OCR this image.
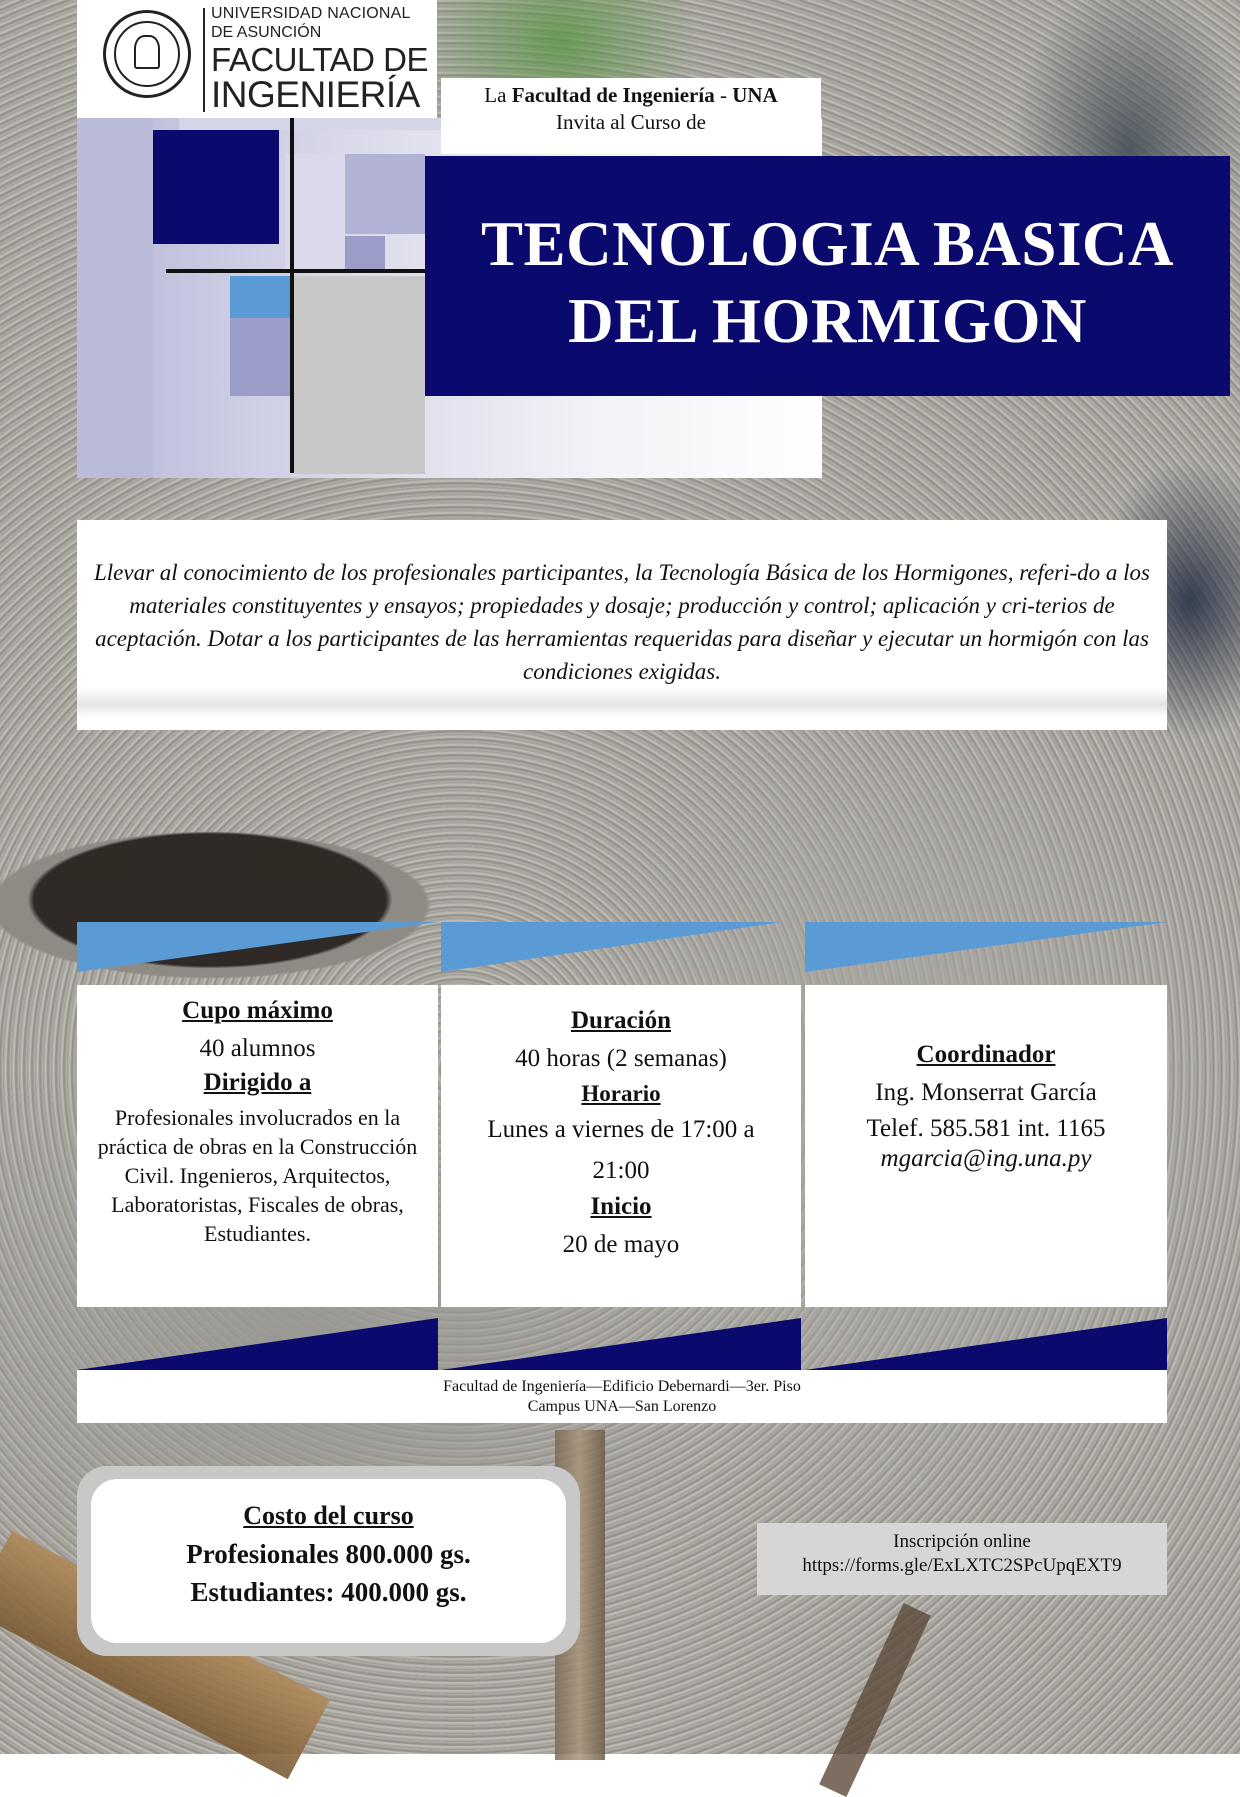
UNIVERSIDAD NACIONAL
DE ASUNCIÓN
FACULTAD DE
INGENIERÍA	La Facultad de Ingeniería - UNA
Invita al Curso de
TECNOLOGIA BASICA
DEL HORMIGON

Llevar al conocimiento de los profesionales participantes, la Tecnología Básica de los Hormigones, referi-do a los materiales constituyentes y ensayos; propiedades y dosaje; producción y control; aplicación y cri-terios de aceptación. Dotar a los participantes de las herramientas requeridas para diseñar y ejecutar un hormigón con las condiciones exigidas.

Cupo máximo
40 alumnos
Dirigido a
Profesionales involucrados en la práctica de obras en la Construcción Civil. Ingenieros, Arquitectos, Laboratoristas, Fiscales de obras, Estudiantes.
Duración
40 horas (2 semanas)
Horario
Lunes a viernes de 17:00 a 21:00
Inicio
20 de mayo
Coordinador
Ing. Monserrat García
Telef. 585.581 int. 1165
mgarcia@ing.una.py
Facultad de Ingeniería—Edificio Debernardi—3er. Piso
Campus UNA—San Lorenzo
Costo del curso
Profesionales 800.000 gs.
Estudiantes: 400.000 gs.
Inscripción online
https://forms.gle/ExLXTC2SPcUpqEXT9
